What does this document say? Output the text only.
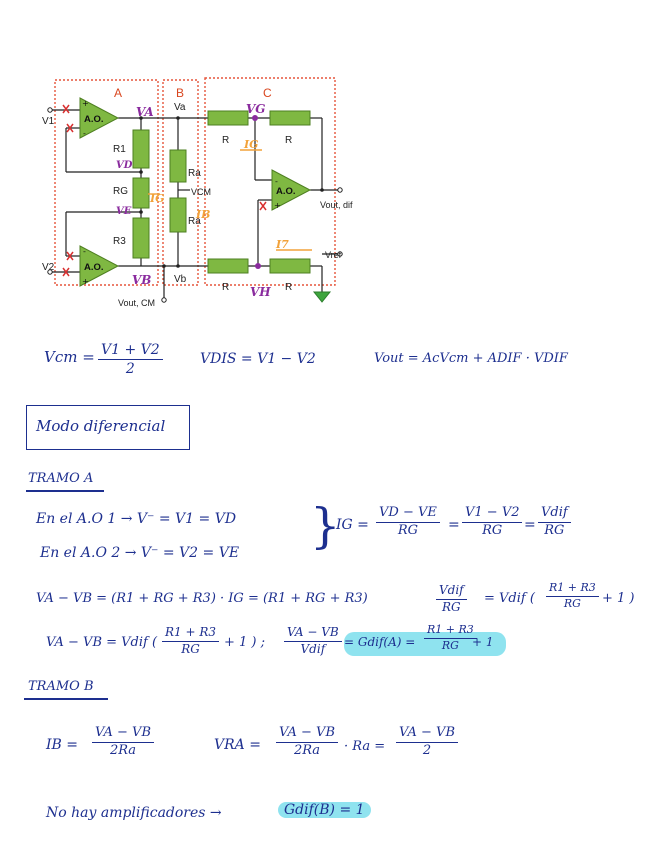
A	B	C
A.O.
+
-
A.O.
-
+
A.O.
-
+
V1
V2
R1
RG
R3
Ra
Ra
Va
Vb
VCM
R	R
R	R
Vout, dif
Vref
Vout, CM
VA
VD
VE
VB
VG
VH
IG
IG
IB
I7
Vcm = $\frac{V1 + V2}{2}$	VDIS = V1 − V2	Vout = AcVcm + ADIF · VDIF
Modo diferencial
TRAMO A
En el A.O 1 → V⁻ = V1 = VD
En el A.O 2 → V⁻ = V2 = VE }
IG = $\frac{VD - VE}{RG} = \frac{V1 - V2}{RG}$ =
Vdif
RG
VA − VB = (R1 + RG + R3) · IG = (R1 + RG + R3)
Vdif
RG
= Vdif ( $\frac{R1 + R3}{RG} + 1$ )
VA − VB = Vdif ( $\frac{R1 + R3}{RG} + 1$ ) ;
VA − VB
Vdif	= Gdif(A) = $\frac{R1 + R3}{RG}$
+ 1
TRAMO B
IB = $\frac{VA - VB}{2Ra}$	VRA = $\frac{VA - VB}{2Ra} \cdot Ra = \frac{VA - VB}{2}$
No hay amplificadores →	Gdif(B) = 1
